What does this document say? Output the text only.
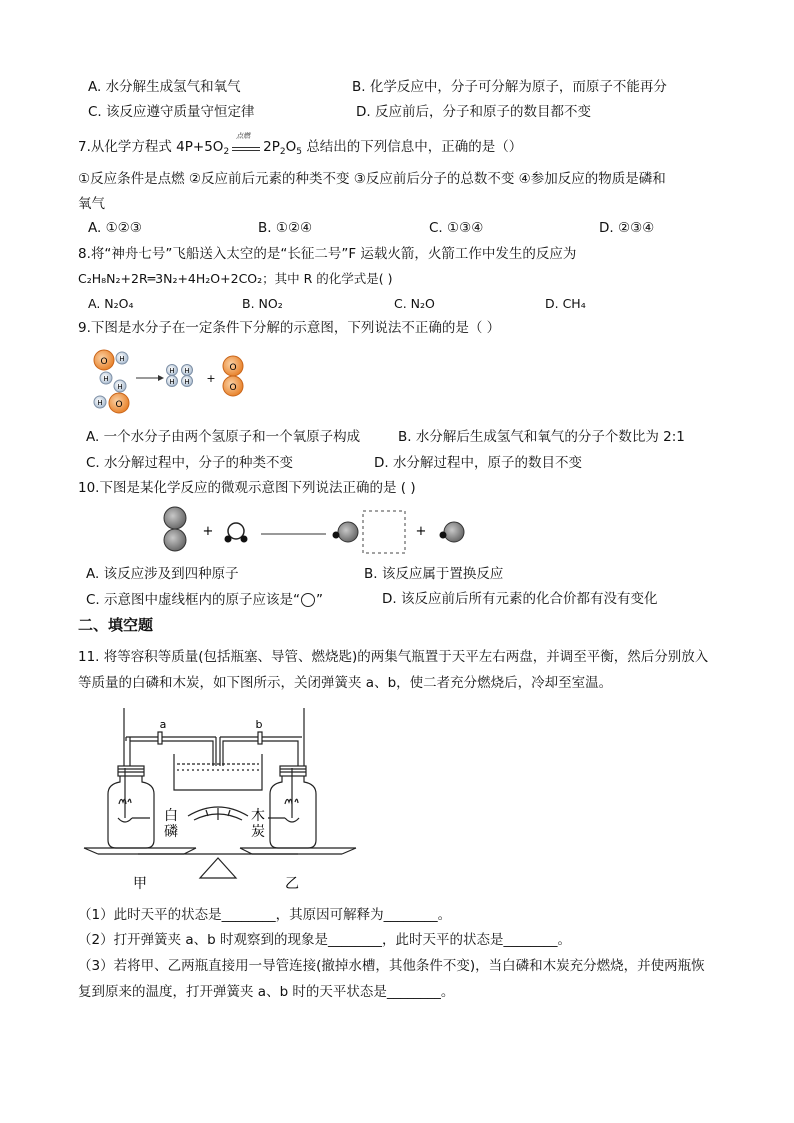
A. 水分解生成氢气和氧气	B. 化学反应中，分子可分解为原子，而原子不能再分
C. 该反应遵守质量守恒定律	D. 反应前后，分子和原子的数目都不变
7.从化学方程式 $4P+5O_2$
点燃
$2P_2O_5$ 总结出的下列信息中，正确的是（）
①反应条件是点燃 ②反应前后元素的种类不变 ③反应前后分子的总数不变 ④参加反应的物质是磷和
氧气
A. ①②③	B. ①②④	C. ①③④	D. ②③④
8.将“神舟七号”飞船送入太空的是“长征二号”F 运载火箭，火箭工作中发生的反应为
C₂H₈N₂+2R═3N₂+4H₂O+2CO₂；其中 R 的化学式是( )
A. N₂O₄	B. NO₂	C. N₂O	D. CH₄
9.下图是水分子在一定条件下分解的示意图，下列说法不正确的是（ ）
O H
H
H
H O
H
H
H
H +
O
O
A. 一个水分子由两个氢原子和一个氧原子构成	B. 水分解后生成氢气和氧气的分子个数比为 2:1
C. 水分解过程中，分子的种类不变	D. 水分解过程中，原子的数目不变
10.下图是某化学反应的微观示意图下列说法正确的是 ( )
+	+
A. 该反应涉及到四种原子	B. 该反应属于置换反应
C. 示意图中虚线框内的原子应该是“ ”	D. 该反应前后所有元素的化合价都有没有变化
二、填空题
11. 将等容积等质量(包括瓶塞、导管、燃烧匙)的两集气瓶置于天平左右两盘，并调至平衡，然后分别放入
等质量的白磷和木炭，如下图所示，关闭弹簧夹 a、b，使二者充分燃烧后，冷却至室温。
a	b
白
磷
木
炭
甲	乙
（1）此时天平的状态是________，其原因可解释为________。
（2）打开弹簧夹 a、b 时观察到的现象是________，此时天平的状态是________。
（3）若将甲、乙两瓶直接用一导管连接(撤掉水槽，其他条件不变)，当白磷和木炭充分燃烧，并使两瓶恢
复到原来的温度，打开弹簧夹 a、b 时的天平状态是________。
